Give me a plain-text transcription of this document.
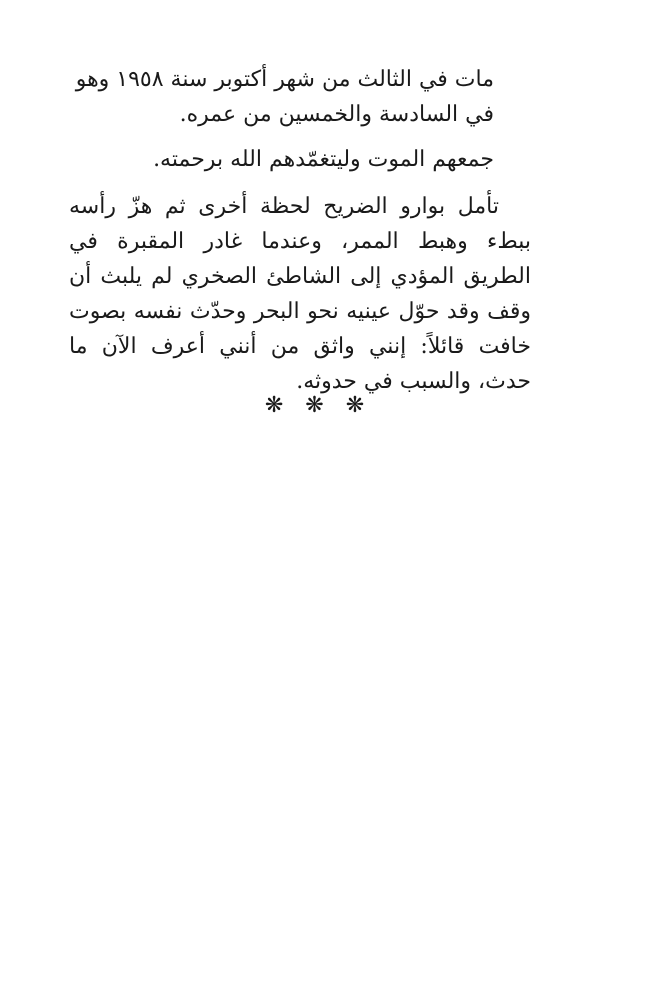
مات في الثالث من شهر أكتوبر سنة ١٩٥٨ وهو في السادسة والخمسين من عمره.

جمعهم الموت وليتغمّدهم الله برحمته.

تأمل بوارو الضريح لحظة أخرى ثم هزّ رأسه ببطء وهبط الممر، وعندما غادر المقبرة في الطريق المؤدي إلى الشاطئ الصخري لم يلبث أن وقف وقد حوّل عينيه نحو البحر وحدّث نفسه بصوت خافت قائلاً: إنني واثق من أنني أعرف الآن ما حدث، والسبب في حدوثه.

❋❋❋
